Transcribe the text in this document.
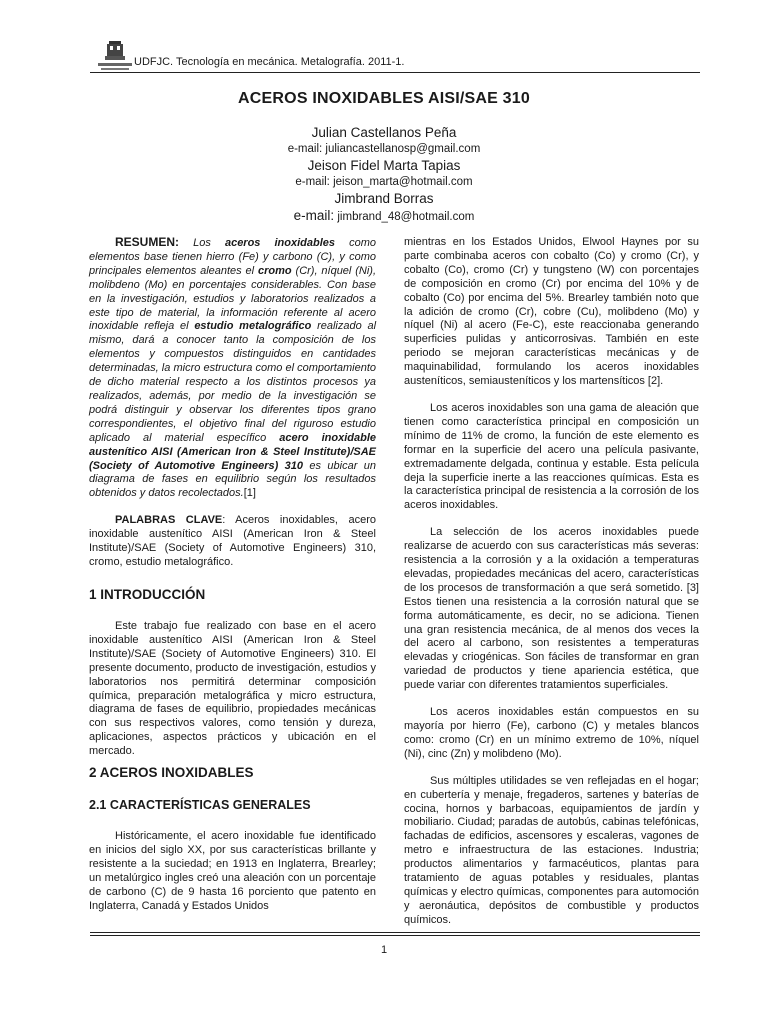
UDFJC. Tecnología en mecánica. Metalografía. 2011-1.
ACEROS INOXIDABLES AISI/SAE 310
Julian Castellanos Peña
e-mail: juliancastellanosp@gmail.com
Jeison Fidel Marta Tapias
e-mail: jeison_marta@hotmail.com
Jimbrand Borras
e-mail: jimbrand_48@hotmail.com

RESUMEN: Los aceros inoxidables como elementos base tienen hierro (Fe) y carbono (C), y como principales elementos aleantes el cromo (Cr), níquel (Ni), molibdeno (Mo) en porcentajes considerables. Con base en la investigación, estudios y laboratorios realizados a este tipo de material, la información referente al acero inoxidable refleja el estudio metalográfico realizado al mismo, dará a conocer tanto la composición de los elementos y compuestos distinguidos en cantidades determinadas, la micro estructura como el comportamiento de dicho material respecto a los distintos procesos ya realizados, además, por medio de la investigación se podrá distinguir y observar los diferentes tipos grano correspondientes, el objetivo final del riguroso estudio aplicado al material específico acero inoxidable austenítico AISI (American Iron & Steel Institute)/SAE (Society of Automotive Engineers) 310 es ubicar un diagrama de fases en equilibrio según los resultados obtenidos y datos recolectados.[1]

PALABRAS CLAVE: Aceros inoxidables, acero inoxidable austenítico AISI (American Iron & Steel Institute)/SAE (Society of Automotive Engineers) 310, cromo, estudio metalográfico.

1 INTRODUCCIÓN

Este trabajo fue realizado con base en el acero inoxidable austenítico AISI (American Iron & Steel Institute)/SAE (Society of Automotive Engineers) 310. El presente documento, producto de investigación, estudios y laboratorios nos permitirá determinar composición química, preparación metalográfica y micro estructura, diagrama de fases de equilibrio, propiedades mecánicas con sus respectivos valores, como tensión y dureza, aplicaciones, aspectos prácticos y ubicación en el mercado.

2 ACEROS INOXIDABLES
2.1 CARACTERÍSTICAS GENERALES

Históricamente, el acero inoxidable fue identificado en inicios del siglo XX, por sus características brillante y resistente a la suciedad; en 1913 en Inglaterra, Brearley; un metalúrgico ingles creó una aleación con un porcentaje de carbono (C) de 9 hasta 16 porciento que patento en Inglaterra, Canadá y Estados Unidos

mientras en los Estados Unidos, Elwool Haynes por su parte combinaba aceros con cobalto (Co) y cromo (Cr), y cobalto (Co), cromo (Cr) y tungsteno (W) con porcentajes de composición en cromo (Cr) por encima del 10% y de cobalto (Co) por encima del 5%. Brearley también noto que la adición de cromo (Cr), cobre (Cu), molibdeno (Mo) y níquel (Ni) al acero (Fe-C), este reaccionaba generando superficies pulidas y anticorrosivas. También en este periodo se mejoran características mecánicas y de maquinabilidad, formulando los aceros inoxidables austeníticos, semiausteníticos y los martensíticos [2].

Los aceros inoxidables son una gama de aleación que tienen como característica principal en composición un mínimo de 11% de cromo, la función de este elemento es formar en la superficie del acero una película pasivante, extremadamente delgada, continua y estable. Esta película deja la superficie inerte a las reacciones químicas. Esta es la característica principal de resistencia a la corrosión de los aceros inoxidables.

La selección de los aceros inoxidables puede realizarse de acuerdo con sus características más severas: resistencia a la corrosión y a la oxidación a temperaturas elevadas, propiedades mecánicas del acero, características de los procesos de transformación a que será sometido. [3] Estos tienen una resistencia a la corrosión natural que se forma automáticamente, es decir, no se adiciona. Tienen una gran resistencia mecánica, de al menos dos veces la del acero al carbono, son resistentes a temperaturas elevadas y criogénicas. Son fáciles de transformar en gran variedad de productos y tiene apariencia estética, que puede variar con diferentes tratamientos superficiales.

Los aceros inoxidables están compuestos en su mayoría por hierro (Fe), carbono (C) y metales blancos como: cromo (Cr) en un mínimo extremo de 10%, níquel (Ni), cinc (Zn) y molibdeno (Mo).

Sus múltiples utilidades se ven reflejadas en el hogar; en cubertería y menaje, fregaderos, sartenes y baterías de cocina, hornos y barbacoas, equipamientos de jardín y mobiliario. Ciudad; paradas de autobús, cabinas telefónicas, fachadas de edificios, ascensores y escaleras, vagones de metro e infraestructura de las estaciones. Industria; productos alimentarios y farmacéuticos, plantas para tratamiento de aguas potables y residuales, plantas químicas y electro químicas, componentes para automoción y aeronáutica, depósitos de combustible y productos químicos.

1
